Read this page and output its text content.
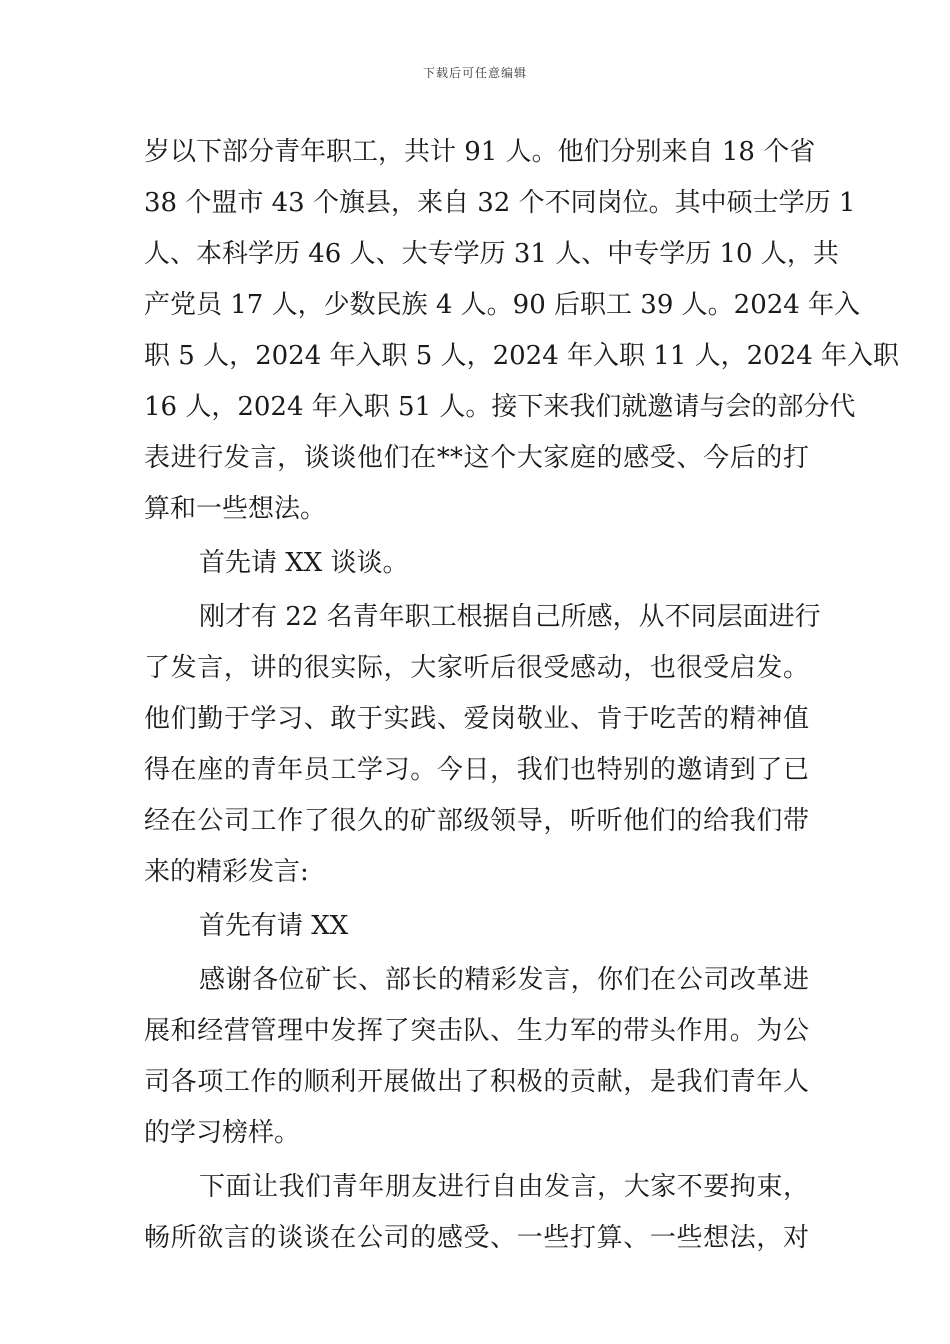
下载后可任意编辑
岁以下部分青年职工，共计 91 人。他们分别来自 18 个省
38 个盟市 43 个旗县，来自 32 个不同岗位。其中硕士学历 1
人、本科学历 46 人、大专学历 31 人、中专学历 10 人，共
产党员 17 人，少数民族 4 人。90 后职工 39 人。2024 年入
职 5 人，2024 年入职 5 人，2024 年入职 11 人，2024 年入职
16 人，2024 年入职 51 人。接下来我们就邀请与会的部分代
表进行发言，谈谈他们在**这个大家庭的感受、今后的打
算和一些想法。
首先请 XX 谈谈。
刚才有 22 名青年职工根据自己所感，从不同层面进行
了发言，讲的很实际，大家听后很受感动，也很受启发。
他们勤于学习、敢于实践、爱岗敬业、肯于吃苦的精神值
得在座的青年员工学习。今日，我们也特别的邀请到了已
经在公司工作了很久的矿部级领导，听听他们的给我们带
来的精彩发言:
首先有请 XX
感谢各位矿长、部长的精彩发言，你们在公司改革进
展和经营管理中发挥了突击队、生力军的带头作用。为公
司各项工作的顺利开展做出了积极的贡献，是我们青年人
的学习榜样。
下面让我们青年朋友进行自由发言，大家不要拘束，
畅所欲言的谈谈在公司的感受、一些打算、一些想法，对
